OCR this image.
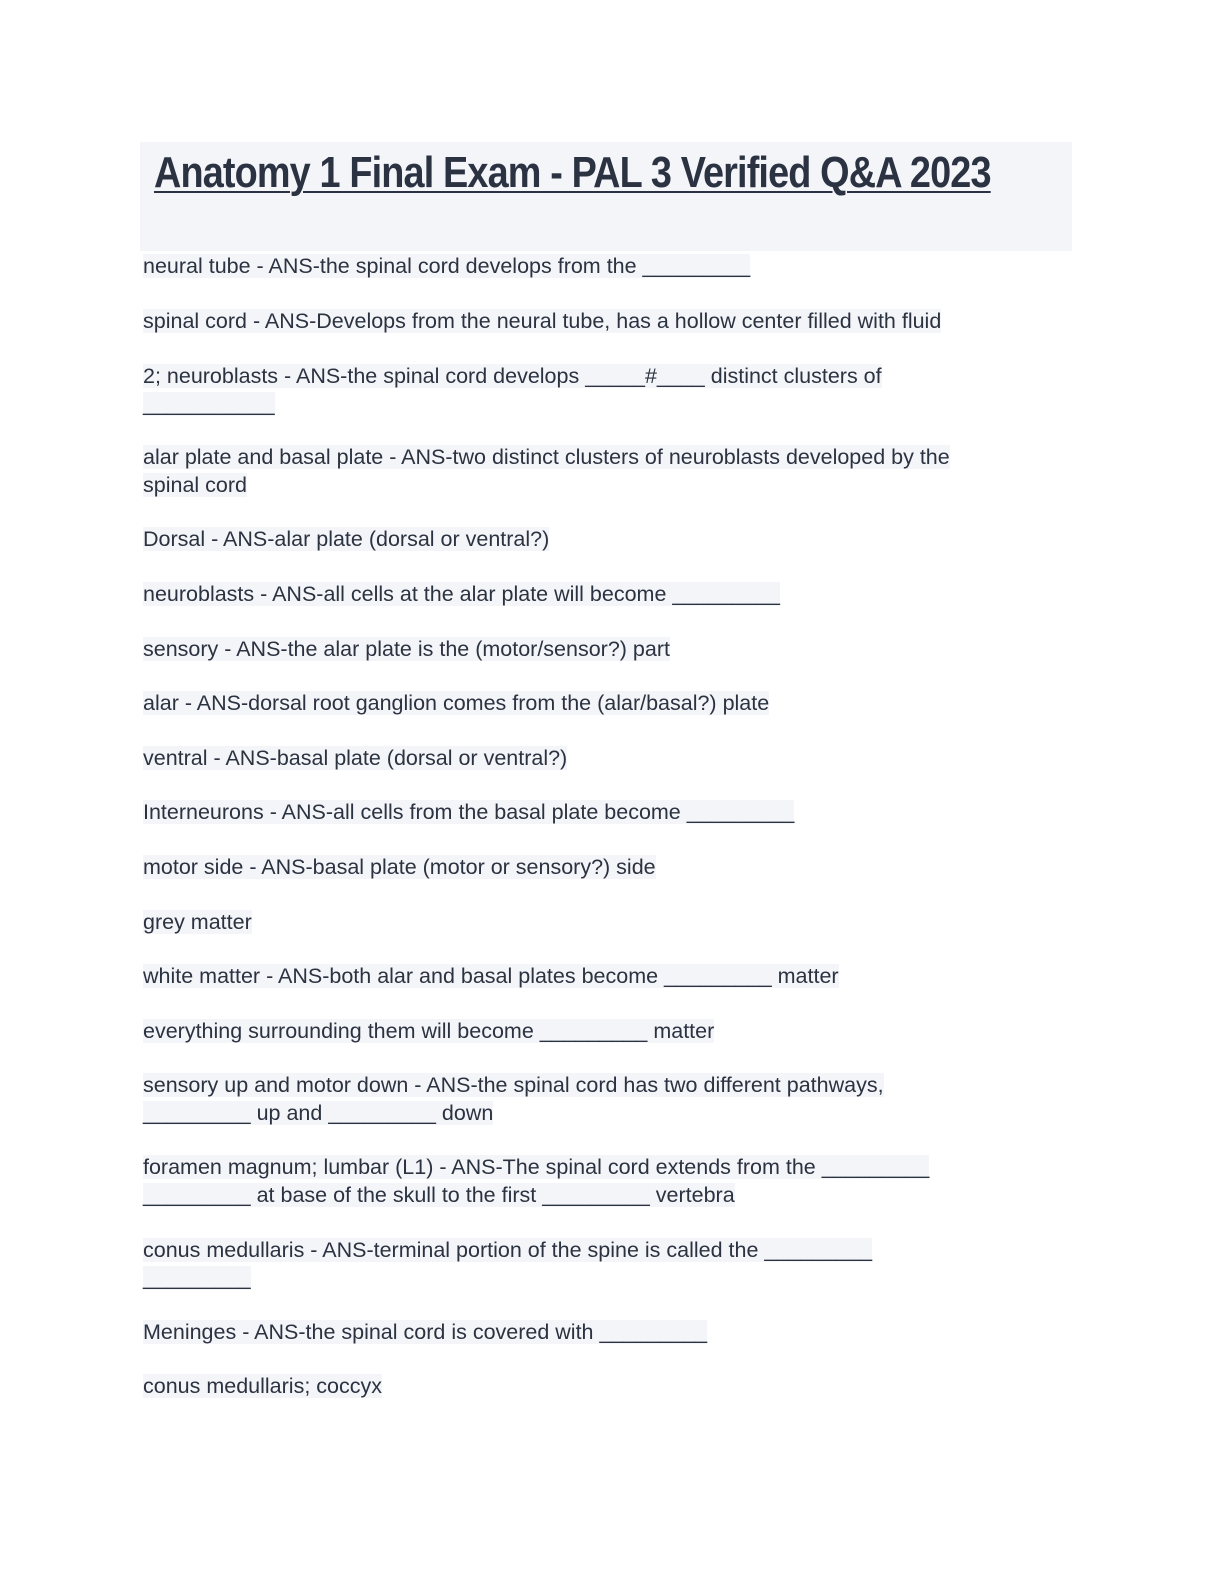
Anatomy 1 Final Exam - PAL 3 Verified Q&A 2023

neural tube - ANS-the spinal cord develops from the _________

spinal cord - ANS-Develops from the neural tube, has a hollow center filled with fluid

2; neuroblasts - ANS-the spinal cord develops _____#____ distinct clusters of
___________

alar plate and basal plate - ANS-two distinct clusters of neuroblasts developed by the
spinal cord

Dorsal - ANS-alar plate (dorsal or ventral?)

neuroblasts - ANS-all cells at the alar plate will become _________

sensory - ANS-the alar plate is the (motor/sensor?) part

alar - ANS-dorsal root ganglion comes from the (alar/basal?) plate

ventral - ANS-basal plate (dorsal or ventral?)

Interneurons - ANS-all cells from the basal plate become _________

motor side - ANS-basal plate (motor or sensory?) side

grey matter

white matter - ANS-both alar and basal plates become _________ matter

everything surrounding them will become _________ matter

sensory up and motor down - ANS-the spinal cord has two different pathways,
_________ up and _________ down

foramen magnum; lumbar (L1) - ANS-The spinal cord extends from the _________
_________ at base of the skull to the first _________ vertebra

conus medullaris - ANS-terminal portion of the spine is called the _________
_________

Meninges - ANS-the spinal cord is covered with _________

conus medullaris; coccyx
